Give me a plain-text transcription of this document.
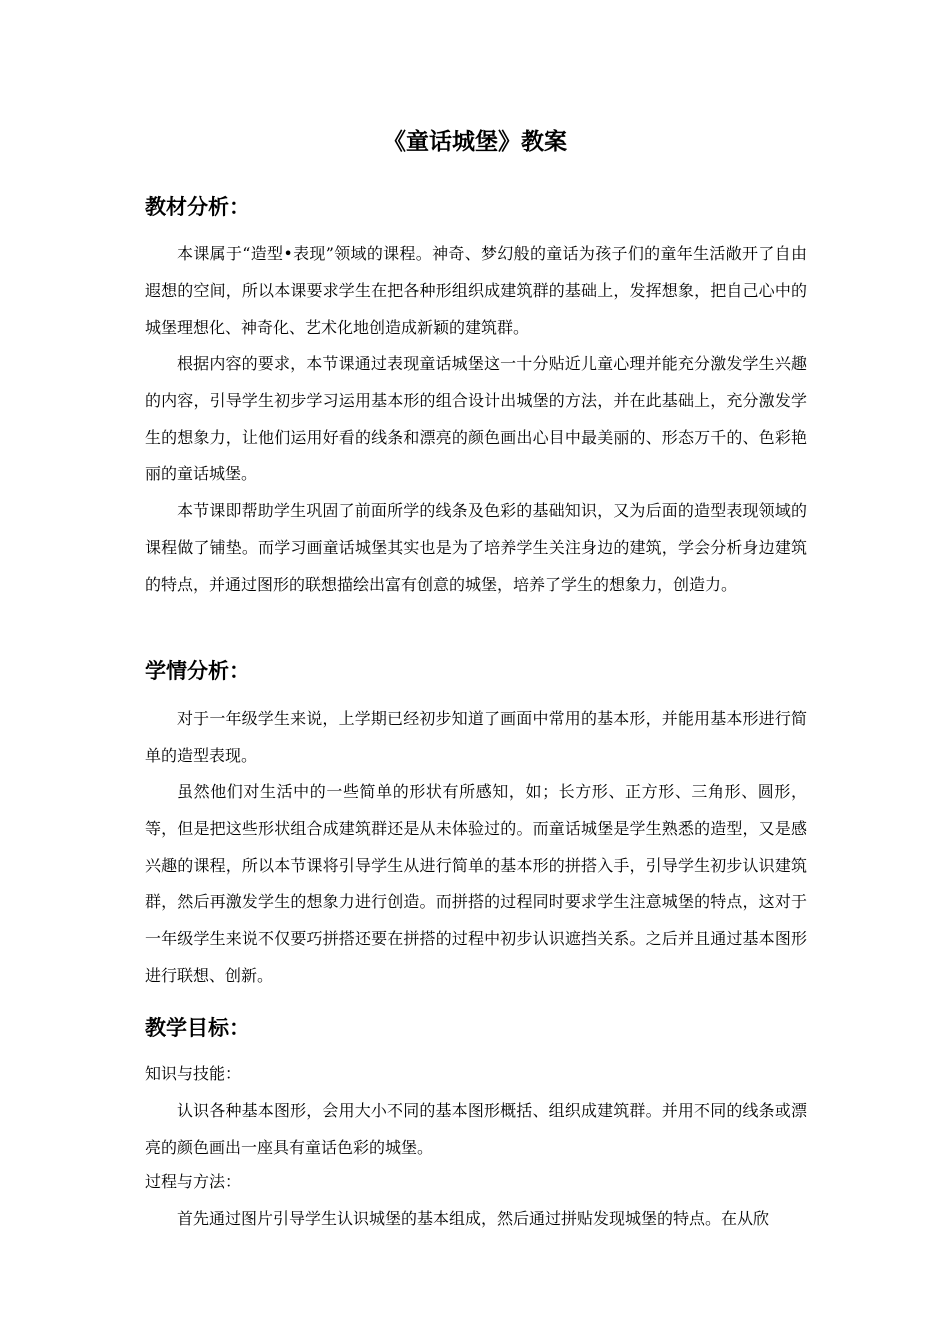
《童话城堡》教案
教材分析：

本课属于“造型•表现”领域的课程。神奇、梦幻般的童话为孩子们的童年生活敞开了自由遐想的空间，所以本课要求学生在把各种形组织成建筑群的基础上，发挥想象，把自己心中的城堡理想化、神奇化、艺术化地创造成新颖的建筑群。

根据内容的要求，本节课通过表现童话城堡这一十分贴近儿童心理并能充分激发学生兴趣的内容，引导学生初步学习运用基本形的组合设计出城堡的方法，并在此基础上，充分激发学生的想象力，让他们运用好看的线条和漂亮的颜色画出心目中最美丽的、形态万千的、色彩艳丽的童话城堡。

本节课即帮助学生巩固了前面所学的线条及色彩的基础知识，又为后面的造型表现领域的课程做了铺垫。而学习画童话城堡其实也是为了培养学生关注身边的建筑，学会分析身边建筑的特点，并通过图形的联想描绘出富有创意的城堡，培养了学生的想象力，创造力。

学情分析：

对于一年级学生来说，上学期已经初步知道了画面中常用的基本形，并能用基本形进行简单的造型表现。

虽然他们对生活中的一些简单的形状有所感知，如；长方形、正方形、三角形、圆形，等，但是把这些形状组合成建筑群还是从未体验过的。而童话城堡是学生熟悉的造型，又是感兴趣的课程，所以本节课将引导学生从进行简单的基本形的拼搭入手，引导学生初步认识建筑群，然后再激发学生的想象力进行创造。而拼搭的过程同时要求学生注意城堡的特点，这对于一年级学生来说不仅要巧拼搭还要在拼搭的过程中初步认识遮挡关系。之后并且通过基本图形进行联想、创新。

教学目标：
知识与技能：

认识各种基本图形，会用大小不同的基本图形概括、组织成建筑群。并用不同的线条或漂亮的颜色画出一座具有童话色彩的城堡。

过程与方法：

首先通过图片引导学生认识城堡的基本组成，然后通过拼贴发现城堡的特点。在从欣
